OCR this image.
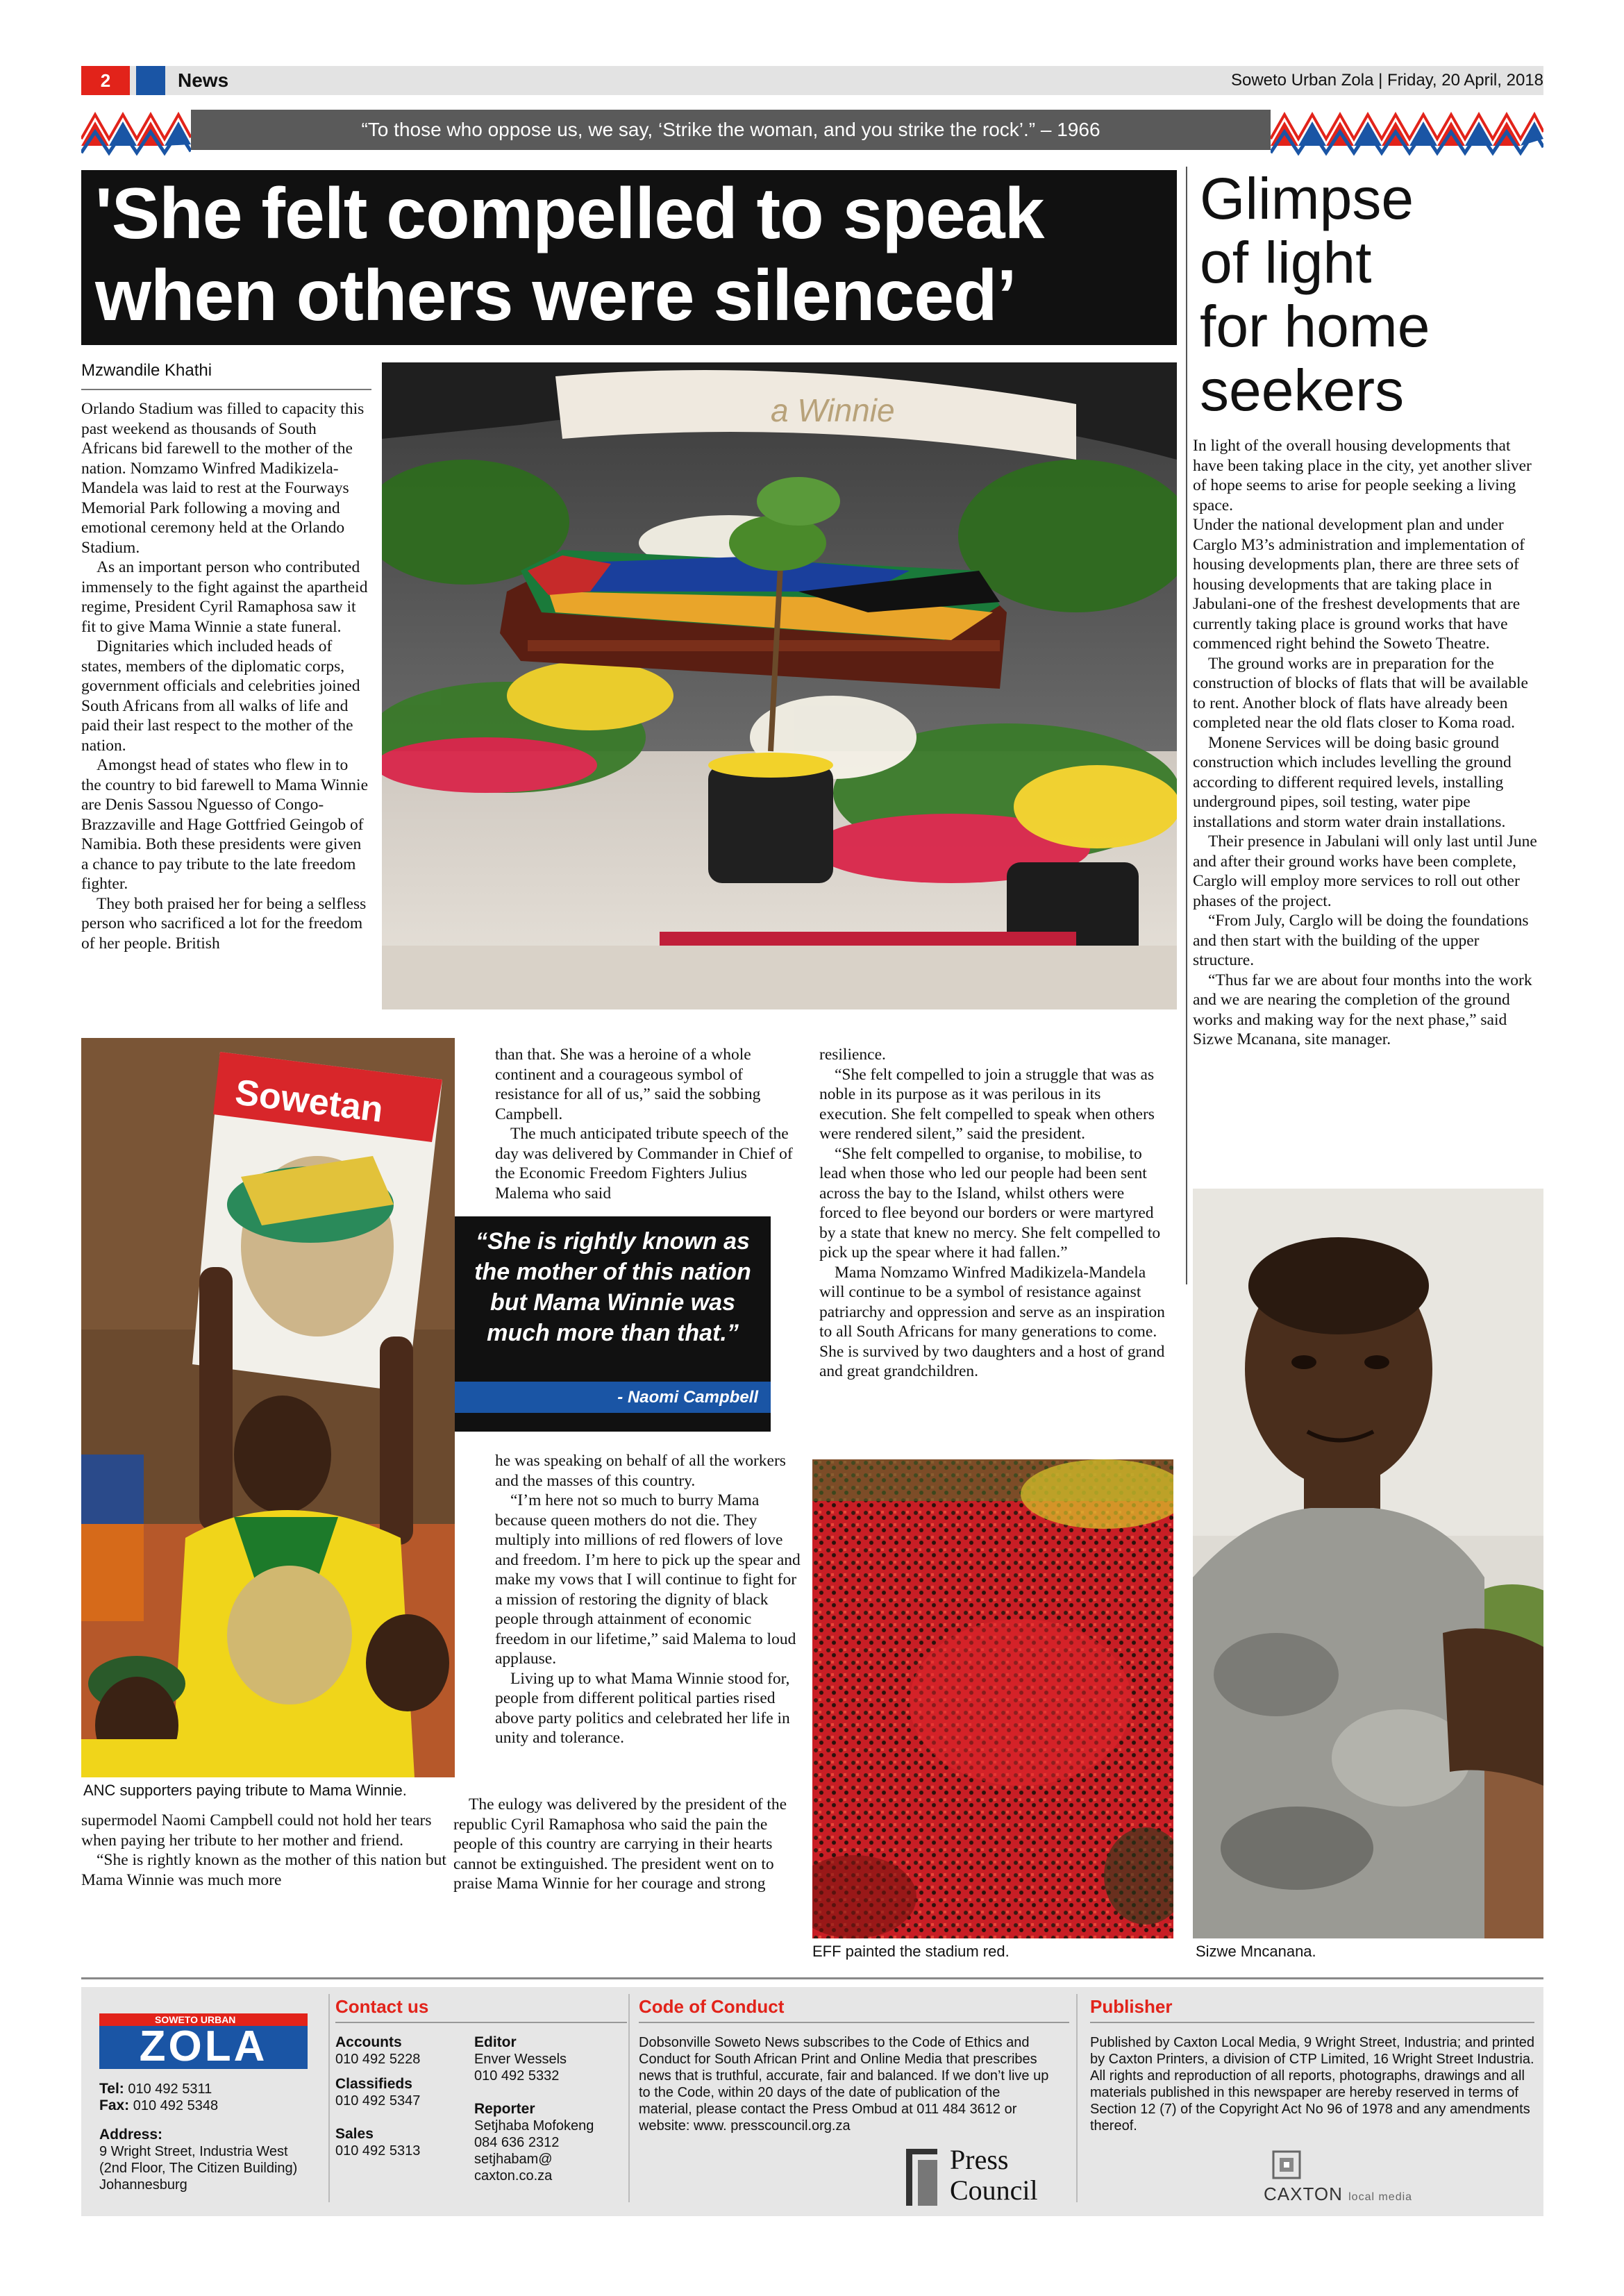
2	News	Soweto Urban Zola | Friday, 20 April, 2018
“To those who oppose us, we say, ‘Strike the woman, and you strike the rock’.” – 1966
'She felt compelled to speak
when others were silenced’
Mzwandile Khathi

Orlando Stadium was filled to capacity this past weekend as thousands of South Africans bid farewell to the mother of the nation. Nomzamo Winfred Madikizela-Mandela was laid to rest at the Fourways Memorial Park following a moving and emotional ceremony held at the Orlando Stadium.

As an important person who contributed immensely to the fight against the apartheid regime, President Cyril Ramaphosa saw it fit to give Mama Winnie a state funeral.

Dignitaries which included heads of states, members of the diplomatic corps, government officials and celebrities joined South Africans from all walks of life and paid their last respect to the mother of the nation.

Amongst head of states who flew in to the country to bid farewell to Mama Winnie are Denis Sassou Nguesso of Congo-Brazzaville and Hage Gottfried Geingob of Namibia. Both these presidents were given a chance to pay tribute to the late freedom fighter.

They both praised her for being a selfless person who sacrificed a lot for the freedom of her people. British

a Winnie
Sowetan
ANC supporters paying tribute to Mama Winnie.

supermodel Naomi Campbell could not hold her tears when paying her tribute to her mother and friend.

“She is rightly known as the mother of this nation but Mama Winnie was much more

than that. She was a heroine of a whole continent and a courageous symbol of resistance for all of us,” said the sobbing Campbell.

The much anticipated tribute speech of the day was delivered by Commander in Chief of the Economic Freedom Fighters Julius Malema who said

“She is rightly known as the mother of this nation but Mama Winnie was much more than that.”
- Naomi Campbell

he was speaking on behalf of all the workers and the masses of this country.

“I’m here not so much to burry Mama because queen mothers do not die. They multiply into millions of red flowers of love and freedom. I’m here to pick up the spear and make my vows that I will continue to fight for a mission of restoring the dignity of black people through attainment of economic freedom in our lifetime,” said Malema to loud applause.

Living up to what Mama Winnie stood for, people from different political parties rised above party politics and celebrated her life in unity and tolerance.

The eulogy was delivered by the president of the republic Cyril Ramaphosa who said the pain the people of this country are carrying in their hearts cannot be extinguished. The president went on to praise Mama Winnie for her courage and strong

resilience.

“She felt compelled to join a struggle that was as noble in its purpose as it was perilous in its execution. She felt compelled to speak when others were rendered silent,” said the president.

“She felt compelled to organise, to mobilise, to lead when those who led our people had been sent across the bay to the Island, whilst others were forced to flee beyond our borders or were martyred by a state that knew no mercy. She felt compelled to pick up the spear where it had fallen.”

Mama Nomzamo Winfred Madikizela-Mandela will continue to be a symbol of resistance against patriarchy and oppression and serve as an inspiration to all South Africans for many generations to come. She is survived by two daughters and a host of grand and great grandchildren.

EFF painted the stadium red.
Glimpse
of light
for home
seekers

In light of the overall housing developments that have been taking place in the city, yet another sliver of hope seems to arise for people seeking a living space.

Under the national development plan and under Carglo M3’s administration and implementation of housing developments plan, there are three sets of housing developments that are taking place in Jabulani-one of the freshest developments that are currently taking place is ground works that have commenced right behind the Soweto Theatre.

The ground works are in preparation for the construction of blocks of flats that will be available to rent. Another block of flats have already been completed near the old flats closer to Koma road.

Monene Services will be doing basic ground construction which includes levelling the ground according to different required levels, installing underground pipes, soil testing, water pipe installations and storm water drain installations.

Their presence in Jabulani will only last until June and after their ground works have been complete, Carglo will employ more services to roll out other phases of the project.

“From July, Carglo will be doing the foundations and then start with the building of the upper structure.

“Thus far we are about four months into the work and we are nearing the completion of the ground works and making way for the next phase,” said Sizwe Mcanana, site manager.

Sizwe Mncanana.
SOWETO URBAN
ZOLA
Tel: 010 492 5311
Fax: 010 492 5348
Address:
9 Wright Street, Industria West (2nd Floor, The Citizen Building) Johannesburg
Contact us
Accounts
010 492 5228
Classifieds
010 492 5347
Sales
010 492 5313
Editor
Enver Wessels
010 492 5332
Reporter
Setjhaba Mofokeng
084 636 2312
setjhabam@
caxton.co.za
Code of Conduct
Dobsonville Soweto News subscribes to the Code of Ethics and Conduct for South African Print and Online Media that prescribes news that is truthful, accurate, fair and balanced. If we don’t live up to the Code, within 20 days of the date of publication of the material, please contact the Press Ombud at 011 484 3612 or website: www. presscouncil.org.za
Press
Council
Publisher
Published by Caxton Local Media, 9 Wright Street, Industria; and printed by Caxton Printers, a division of CTP Limited, 16 Wright Street Industria. All rights and reproduction of all reports, photographs, drawings and all materials published in this newspaper are hereby reserved in terms of Section 12 (7) of the Copyright Act No 96 of 1978 and any amendments thereof.
CAXTON local media
